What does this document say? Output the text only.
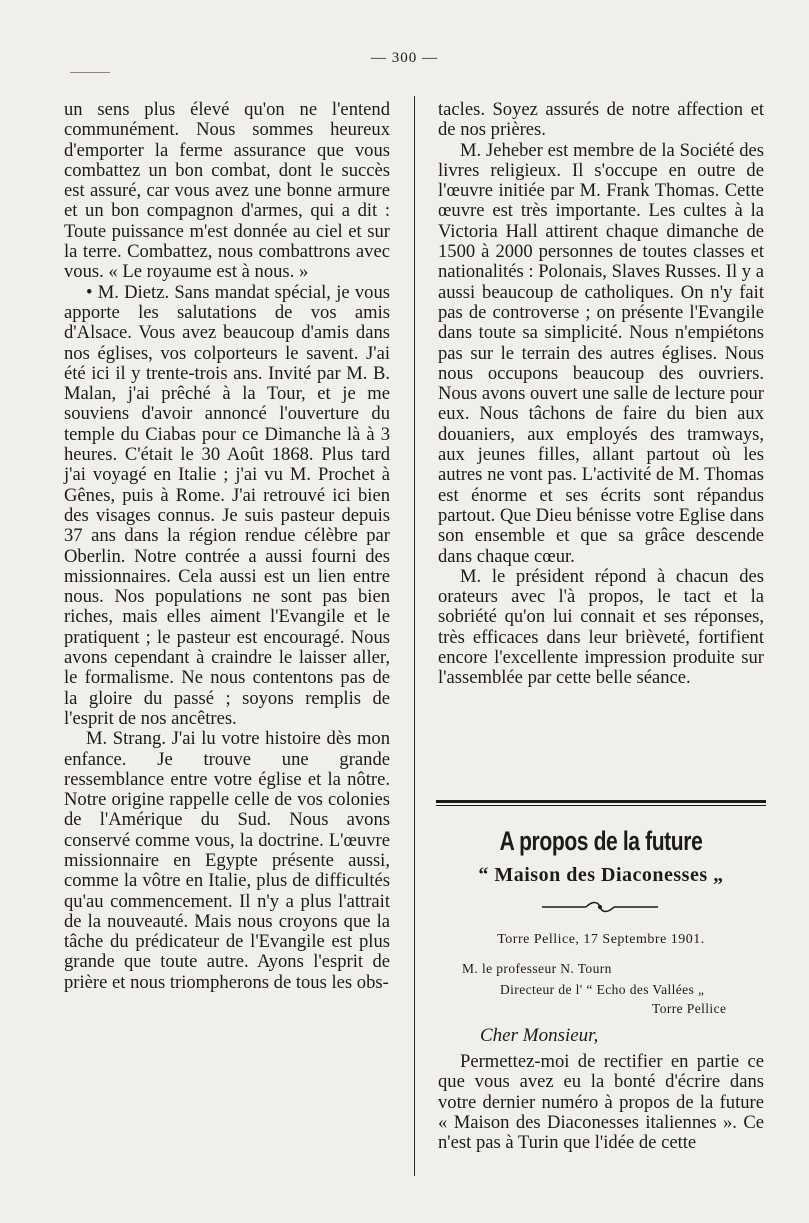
— 300 —

un sens plus élevé qu'on ne l'entend communément. Nous sommes heureux d'emporter la ferme assurance que vous combattez un bon combat, dont le succès est assuré, car vous avez une bonne armure et un bon compagnon d'armes, qui a dit : Toute puissance m'est donnée au ciel et sur la terre. Combattez, nous combattrons avec vous. « Le royaume est à nous. »

• M. Dietz. Sans mandat spécial, je vous apporte les salutations de vos amis d'Alsace. Vous avez beaucoup d'amis dans nos églises, vos colporteurs le savent. J'ai été ici il y trente-trois ans. Invité par M. B. Malan, j'ai prêché à la Tour, et je me souviens d'avoir annoncé l'ouverture du temple du Ciabas pour ce Dimanche là à 3 heures. C'était le 30 Août 1868. Plus tard j'ai voyagé en Italie ; j'ai vu M. Prochet à Gênes, puis à Rome. J'ai retrouvé ici bien des visages connus. Je suis pasteur depuis 37 ans dans la région rendue célèbre par Oberlin. Notre contrée a aussi fourni des missionnaires. Cela aussi est un lien entre nous. Nos populations ne sont pas bien riches, mais elles aiment l'Evangile et le pratiquent ; le pasteur est encouragé. Nous avons cependant à craindre le laisser aller, le formalisme. Ne nous contentons pas de la gloire du passé ; soyons remplis de l'esprit de nos ancêtres.

M. Strang. J'ai lu votre histoire dès mon enfance. Je trouve une grande ressemblance entre votre église et la nôtre. Notre origine rappelle celle de vos colonies de l'Amérique du Sud. Nous avons conservé comme vous, la doctrine. L'œuvre missionnaire en Egypte présente aussi, comme la vôtre en Italie, plus de difficultés qu'au commencement. Il n'y a plus l'attrait de la nouveauté. Mais nous croyons que la tâche du prédicateur de l'Evangile est plus grande que toute autre. Ayons l'esprit de prière et nous triompherons de tous les obs-

tacles. Soyez assurés de notre affection et de nos prières.

M. Jeheber est membre de la Société des livres religieux. Il s'occupe en outre de l'œuvre initiée par M. Frank Thomas. Cette œuvre est très importante. Les cultes à la Victoria Hall attirent chaque dimanche de 1500 à 2000 personnes de toutes classes et nationalités : Polonais, Slaves Russes. Il y a aussi beaucoup de catholiques. On n'y fait pas de controverse ; on présente l'Evangile dans toute sa simplicité. Nous n'empiétons pas sur le terrain des autres églises. Nous nous occupons beaucoup des ouvriers. Nous avons ouvert une salle de lecture pour eux. Nous tâchons de faire du bien aux douaniers, aux employés des tramways, aux jeunes filles, allant partout où les autres ne vont pas. L'activité de M. Thomas est énorme et ses écrits sont répandus partout. Que Dieu bénisse votre Eglise dans son ensemble et que sa grâce descende dans chaque cœur.

M. le président répond à chacun des orateurs avec l'à propos, le tact et la sobriété qu'on lui connait et ses réponses, très efficaces dans leur brièveté, fortifient encore l'excellente impression produite sur l'assemblée par cette belle séance.

A propos de la future
“ Maison des Diaconesses „
Torre Pellice, 17 Septembre 1901.
M. le professeur N. Tourn
Directeur de l' “ Echo des Vallées „
Torre Pellice
Cher Monsieur,

Permettez-moi de rectifier en partie ce que vous avez eu la bonté d'écrire dans votre dernier numéro à propos de la future « Maison des Diaconesses italiennes ». Ce n'est pas à Turin que l'idée de cette
